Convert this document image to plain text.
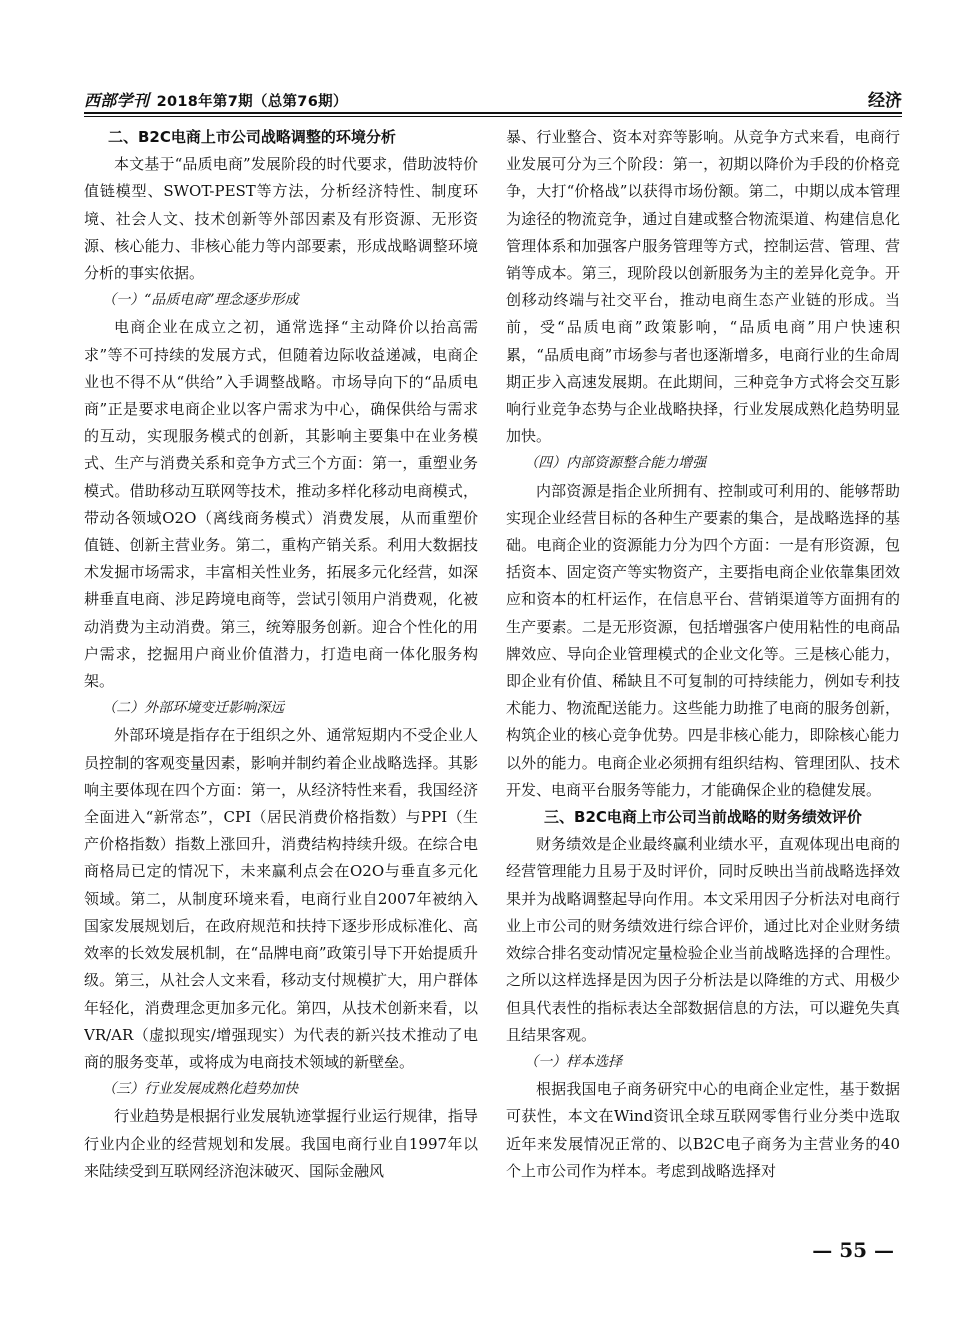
西部学刊 2018年第7期（总第76期）	经济
二、B2C电商上市公司战略调整的环境分析

本文基于“品质电商”发展阶段的时代要求，借助波特价值链模型、SWOT-PEST等方法，分析经济特性、制度环境、社会人文、技术创新等外部因素及有形资源、无形资源、核心能力、非核心能力等内部要素，形成战略调整环境分析的事实依据。

（一）“品质电商”理念逐步形成

电商企业在成立之初，通常选择“主动降价以抬高需求”等不可持续的发展方式，但随着边际收益递减，电商企业也不得不从“供给”入手调整战略。市场导向下的“品质电商”正是要求电商企业以客户需求为中心，确保供给与需求的互动，实现服务模式的创新，其影响主要集中在业务模式、生产与消费关系和竞争方式三个方面：第一，重塑业务模式。借助移动互联网等技术，推动多样化移动电商模式，带动各领域O2O（离线商务模式）消费发展，从而重塑价值链、创新主营业务。第二，重构产销关系。利用大数据技术发掘市场需求，丰富相关性业务，拓展多元化经营，如深耕垂直电商、涉足跨境电商等，尝试引领用户消费观，化被动消费为主动消费。第三，统筹服务创新。迎合个性化的用户需求，挖掘用户商业价值潜力，打造电商一体化服务构架。

（二）外部环境变迁影响深远

外部环境是指存在于组织之外、通常短期内不受企业人员控制的客观变量因素，影响并制约着企业战略选择。其影响主要体现在四个方面：第一，从经济特性来看，我国经济全面进入“新常态”，CPI（居民消费价格指数）与PPI（生产价格指数）指数上涨回升，消费结构持续升级。在综合电商格局已定的情况下，未来赢利点会在O2O与垂直多元化领域。第二，从制度环境来看，电商行业自2007年被纳入国家发展规划后，在政府规范和扶持下逐步形成标准化、高效率的长效发展机制，在“品牌电商”政策引导下开始提质升级。第三，从社会人文来看，移动支付规模扩大，用户群体年轻化，消费理念更加多元化。第四，从技术创新来看，以VR/AR（虚拟现实/增强现实）为代表的新兴技术推动了电商的服务变革，或将成为电商技术领域的新壁垒。

（三）行业发展成熟化趋势加快

行业趋势是根据行业发展轨迹掌握行业运行规律，指导行业内企业的经营规划和发展。我国电商行业自1997年以来陆续受到互联网经济泡沫破灭、国际金融风

暴、行业整合、资本对弈等影响。从竞争方式来看，电商行业发展可分为三个阶段：第一，初期以降价为手段的价格竞争，大打“价格战”以获得市场份额。第二，中期以成本管理为途径的物流竞争，通过自建或整合物流渠道、构建信息化管理体系和加强客户服务管理等方式，控制运营、管理、营销等成本。第三，现阶段以创新服务为主的差异化竞争。开创移动终端与社交平台，推动电商生态产业链的形成。当前，受“品质电商”政策影响，“品质电商”用户快速积累，“品质电商”市场参与者也逐渐增多，电商行业的生命周期正步入高速发展期。在此期间，三种竞争方式将会交互影响行业竞争态势与企业战略抉择，行业发展成熟化趋势明显加快。

（四）内部资源整合能力增强

内部资源是指企业所拥有、控制或可利用的、能够帮助实现企业经营目标的各种生产要素的集合，是战略选择的基础。电商企业的资源能力分为四个方面：一是有形资源，包括资本、固定资产等实物资产，主要指电商企业依靠集团效应和资本的杠杆运作，在信息平台、营销渠道等方面拥有的生产要素。二是无形资源，包括增强客户使用粘性的电商品牌效应、导向企业管理模式的企业文化等。三是核心能力，即企业有价值、稀缺且不可复制的可持续能力，例如专利技术能力、物流配送能力。这些能力助推了电商的服务创新，构筑企业的核心竞争优势。四是非核心能力，即除核心能力以外的能力。电商企业必须拥有组织结构、管理团队、技术开发、电商平台服务等能力，才能确保企业的稳健发展。

三、B2C电商上市公司当前战略的财务绩效评价

财务绩效是企业最终赢利业绩水平，直观体现出电商的经营管理能力且易于及时评价，同时反映出当前战略选择效果并为战略调整起导向作用。本文采用因子分析法对电商行业上市公司的财务绩效进行综合评价，通过比对企业财务绩效综合排名变动情况定量检验企业当前战略选择的合理性。之所以这样选择是因为因子分析法是以降维的方式、用极少但具代表性的指标表达全部数据信息的方法，可以避免失真且结果客观。

（一）样本选择

根据我国电子商务研究中心的电商企业定性，基于数据可获性，本文在Wind资讯全球互联网零售行业分类中选取近年来发展情况正常的、以B2C电子商务为主营业务的40个上市公司作为样本。考虑到战略选择对

— 55 —
